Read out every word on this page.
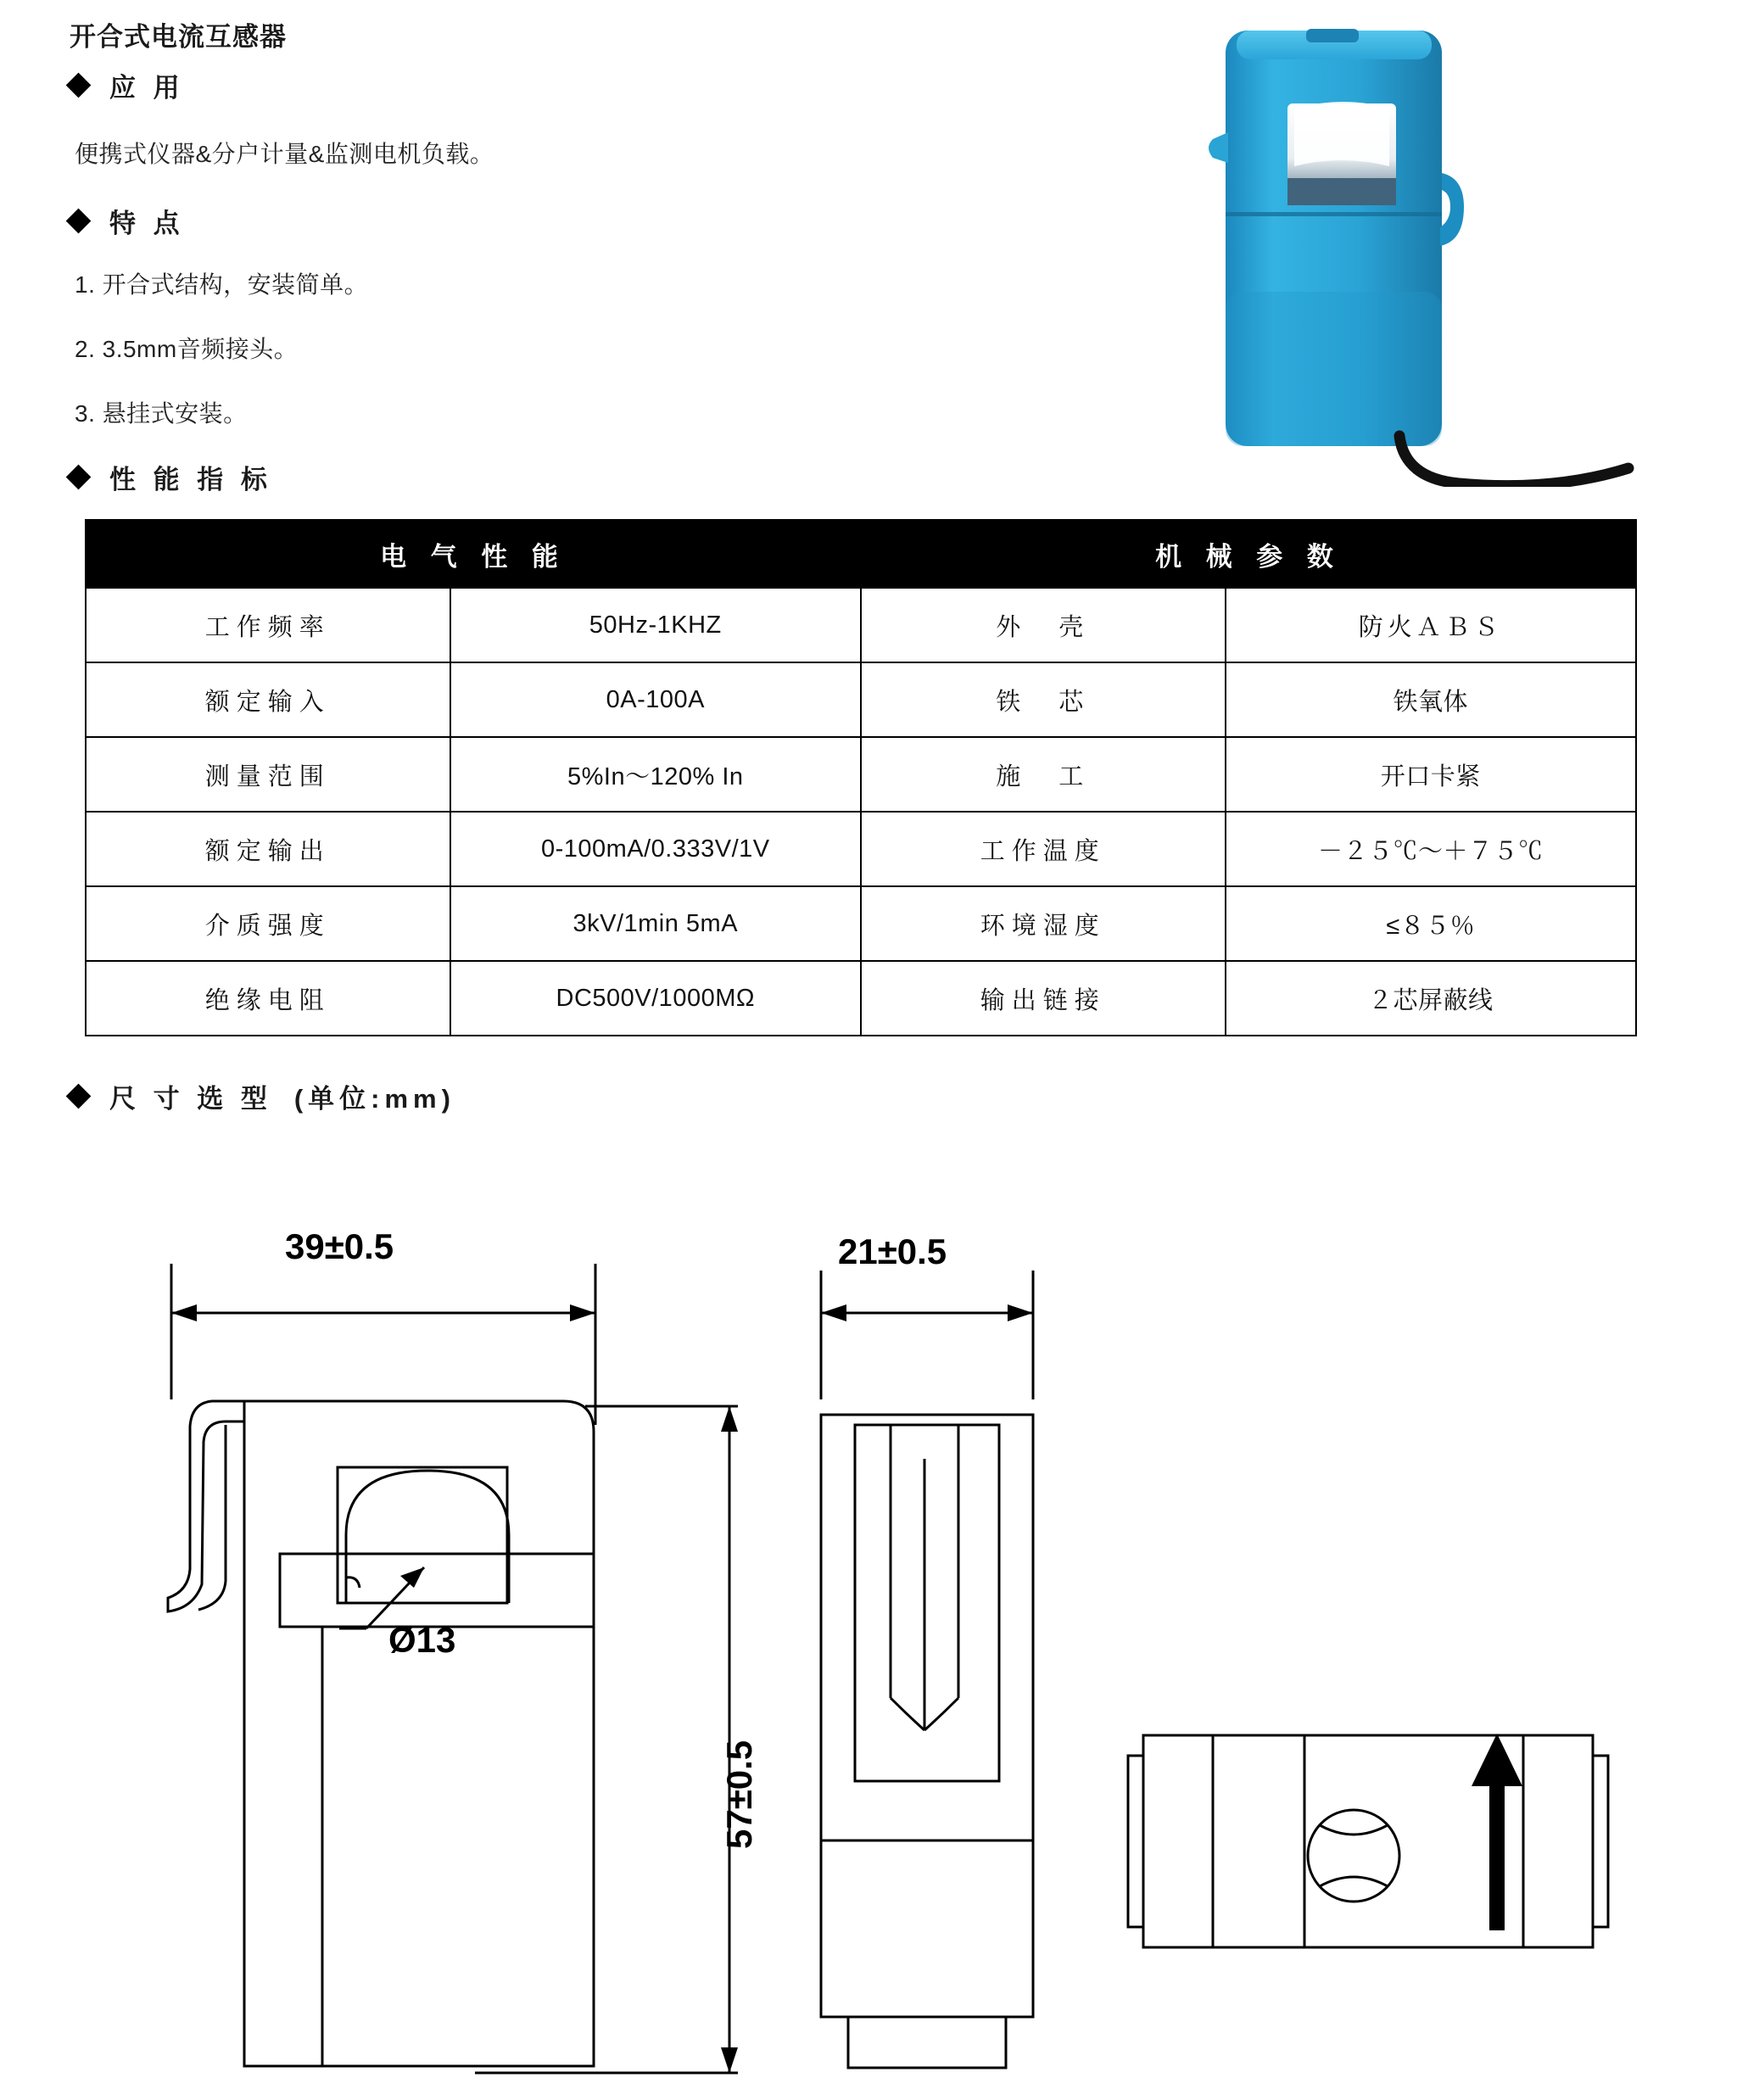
开合式电流互感器
应 用
便携式仪器&分户计量&监测电机负载。
特 点
1. 开合式结构，安装简单。
2. 3.5mm音频接头。
3. 悬挂式安装。
性 能 指 标
电 气 性 能		机 械 参 数	
工作频率	50Hz-1KHZ	外　壳	防火ＡＢＳ
额定输入	0A-100A	铁　芯	铁氧体
测量范围	5%In～120% In	施　工	开口卡紧
额定输出	0-100mA/0.333V/1V	工作温度	－２５℃～＋７５℃
介质强度	3kV/1min 5mA	环境湿度	≤８５％
绝缘电阻	DC500V/1000MΩ	输出链接	２芯屏蔽线
尺 寸 选 型 (单位:mm)
39±0.5	21±0.5
57±0.5
Ø13
